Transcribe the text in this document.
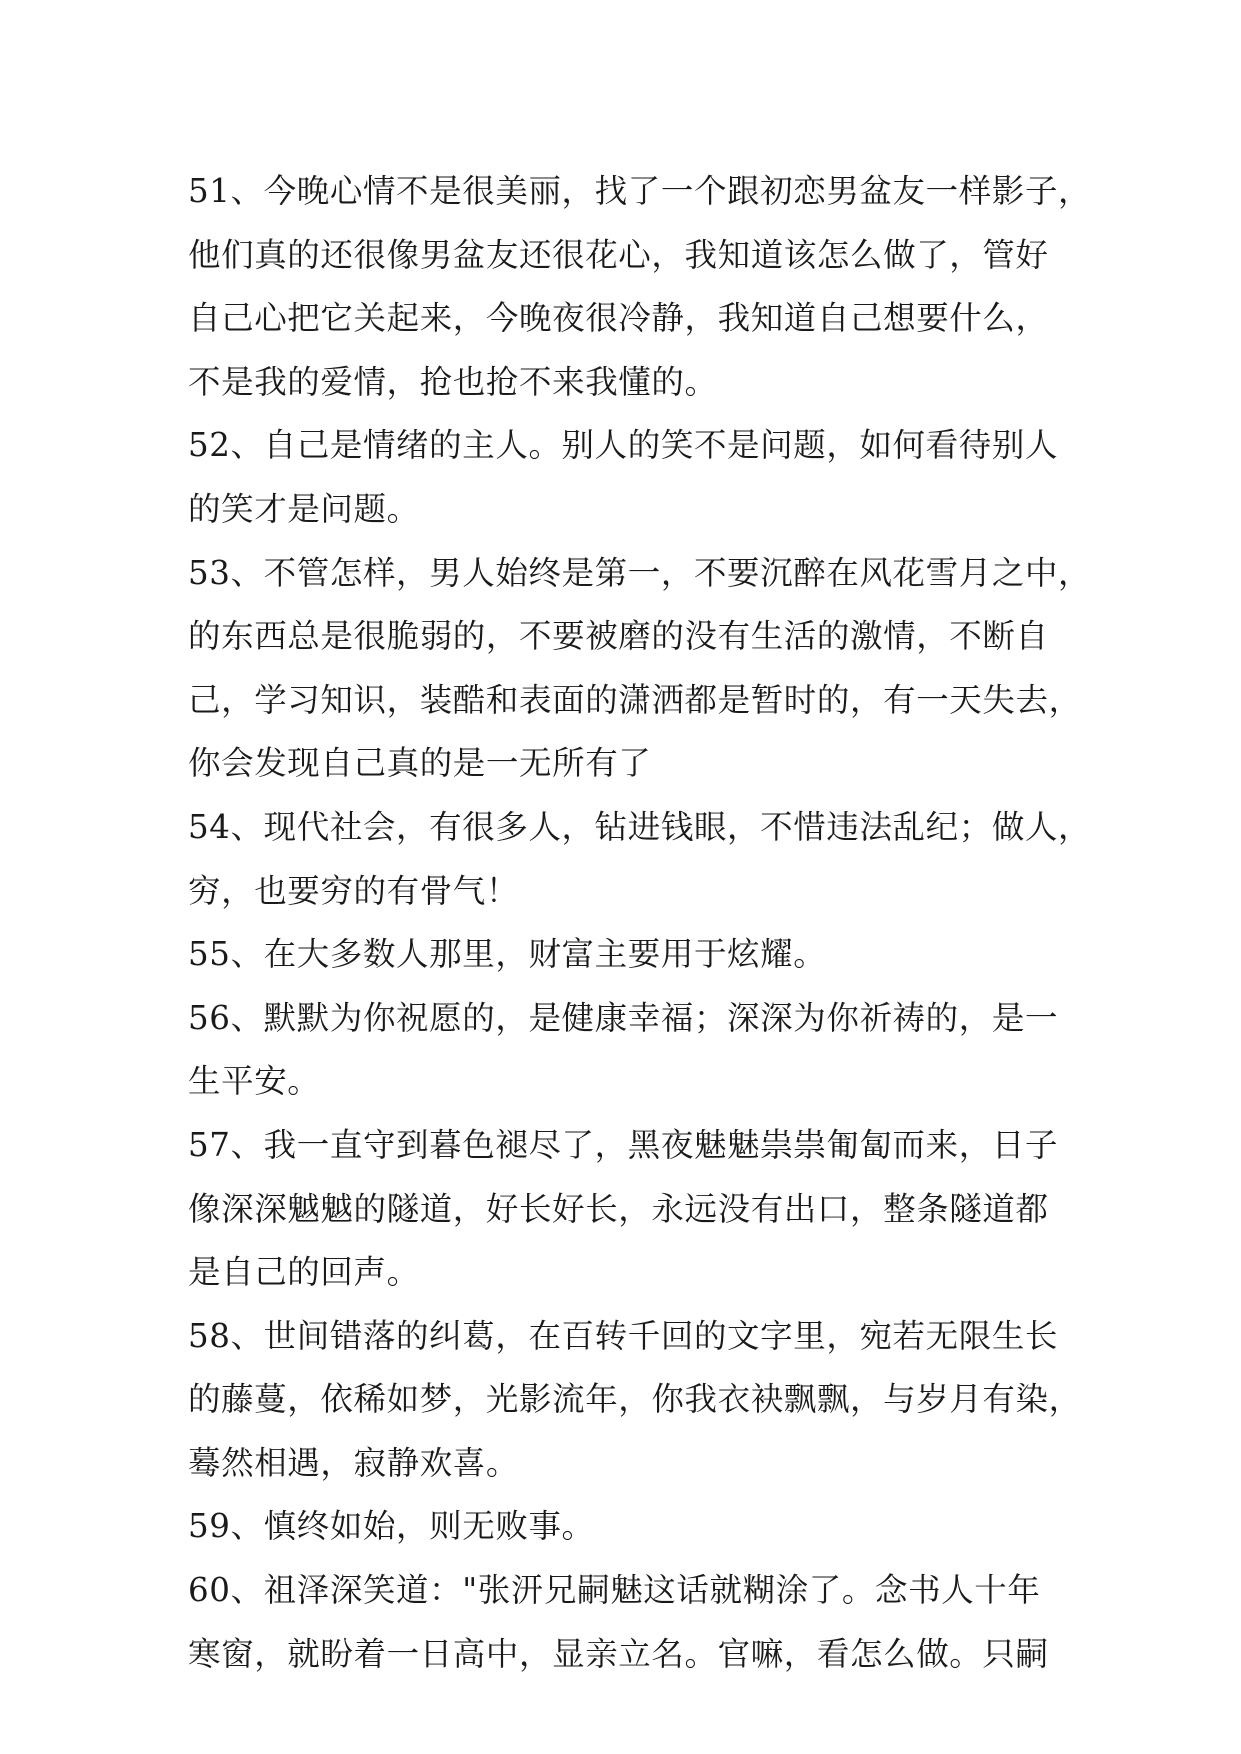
51、今晚心情不是很美丽，找了一个跟初恋男盆友一样影子，
他们真的还很像男盆友还很花心，我知道该怎么做了，管好
自己心把它关起来，今晚夜很冷静，我知道自己想要什么，
不是我的爱情，抢也抢不来我懂的。
52、自己是情绪的主人。别人的笑不是问题，如何看待别人
的笑才是问题。
53、不管怎样，男人始终是第一，不要沉醉在风花雪月之中，
的东西总是很脆弱的，不要被磨的没有生活的激情，不断自
己，学习知识，装酷和表面的潇洒都是暂时的，有一天失去，
你会发现自己真的是一无所有了
54、现代社会，有很多人，钻进钱眼，不惜违法乱纪；做人，
穷，也要穷的有骨气！
55、在大多数人那里，财富主要用于炫耀。
56、默默为你祝愿的，是健康幸福；深深为你祈祷的，是一
生平安。
57、我一直守到暮色褪尽了，黑夜魅魅祟祟匍匐而来，日子
像深深魆魆的隧道，好长好长，永远没有出口，整条隧道都
是自己的回声。
58、世间错落的纠葛，在百转千回的文字里，宛若无限生长
的藤蔓，依稀如梦，光影流年，你我衣袂飘飘，与岁月有染，
蓦然相遇，寂静欢喜。
59、慎终如始，则无败事。
60、祖泽深笑道："张汧兄嗣魅这话就糊涂了。念书人十年
寒窗，就盼着一日高中，显亲立名。官嘛，看怎么做。只嗣
